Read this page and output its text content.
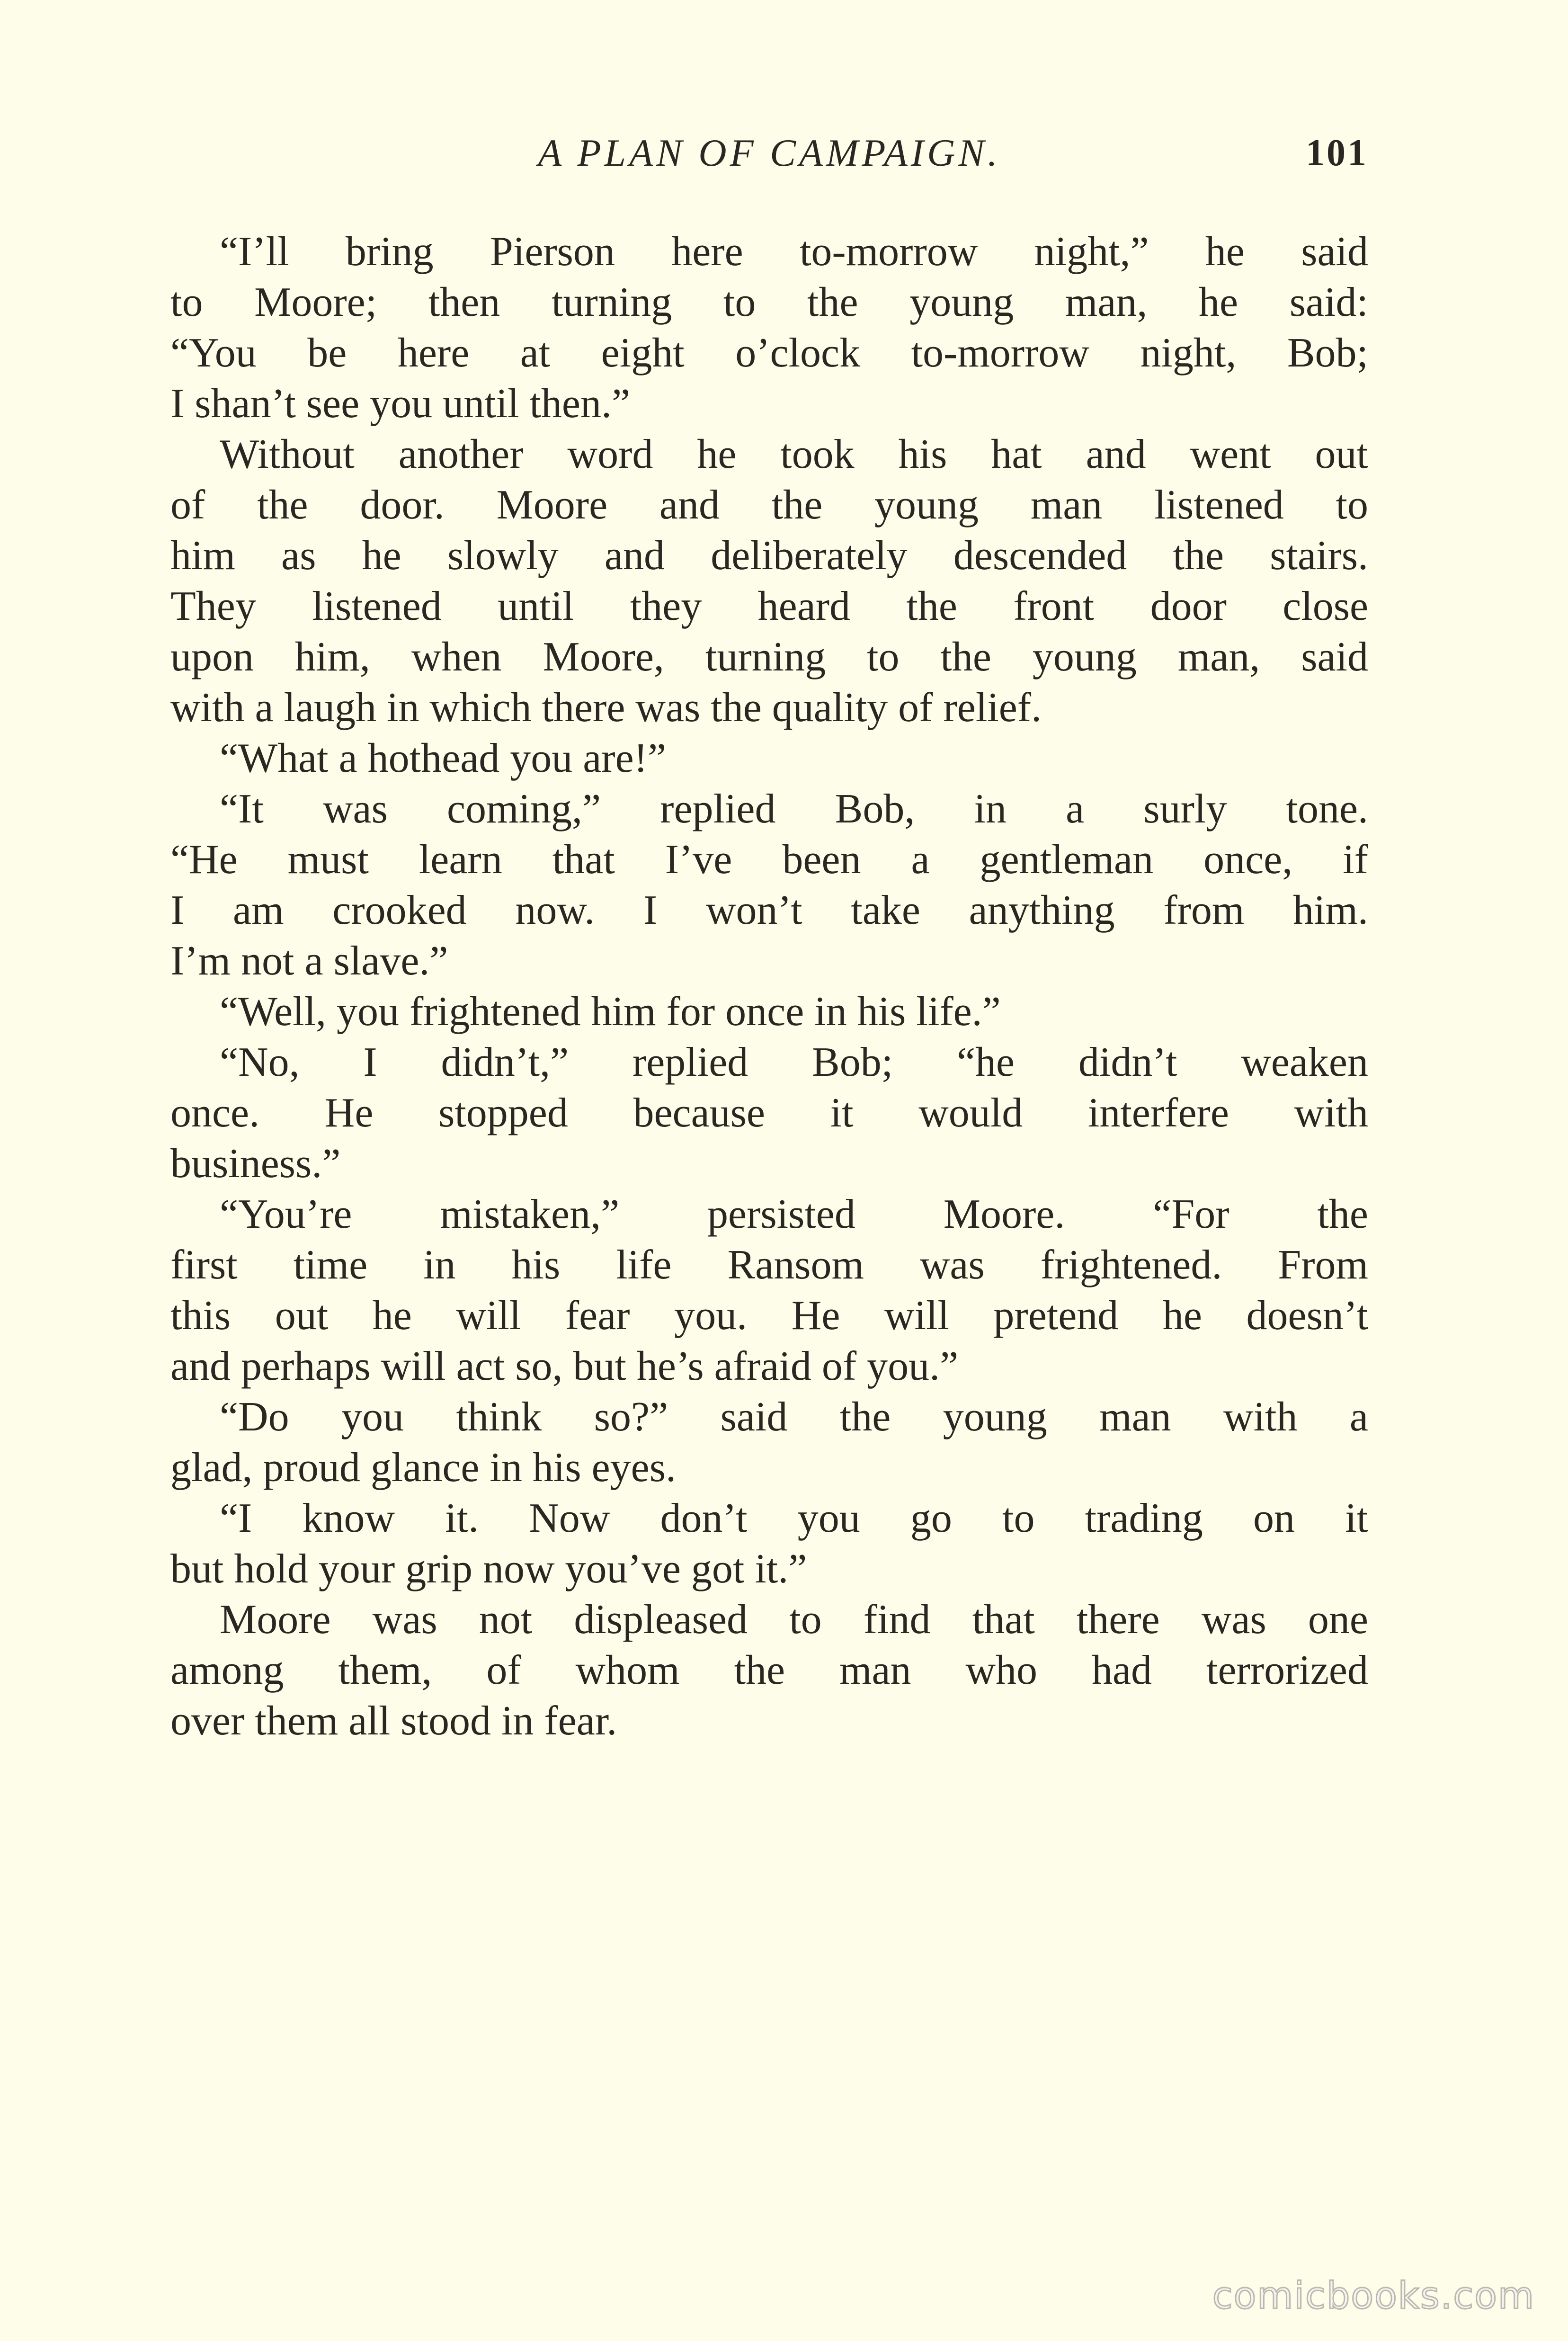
A PLAN OF CAMPAIGN.	101
“I’ll bring Pierson here to-morrow night,” he said
to Moore; then turning to the young man, he said:
“You be here at eight o’clock to-morrow night, Bob;
I shan’t see you until then.”
Without another word he took his hat and went out
of the door. Moore and the young man listened to
him as he slowly and deliberately descended the stairs.
They listened until they heard the front door close
upon him, when Moore, turning to the young man, said
with a laugh in which there was the quality of relief.
“What a hothead you are!”
“It was coming,” replied Bob, in a surly tone.
“He must learn that I’ve been a gentleman once, if
I am crooked now. I won’t take anything from him.
I’m not a slave.”
“Well, you frightened him for once in his life.”
“No, I didn’t,” replied Bob; “he didn’t weaken
once. He stopped because it would interfere with
business.”
“You’re mistaken,” persisted Moore. “For the
first time in his life Ransom was frightened. From
this out he will fear you. He will pretend he doesn’t
and perhaps will act so, but he’s afraid of you.”
“Do you think so?” said the young man with a
glad, proud glance in his eyes.
“I know it. Now don’t you go to trading on it
but hold your grip now you’ve got it.”
Moore was not displeased to find that there was one
among them, of whom the man who had terrorized
over them all stood in fear.
comicbooks.com
